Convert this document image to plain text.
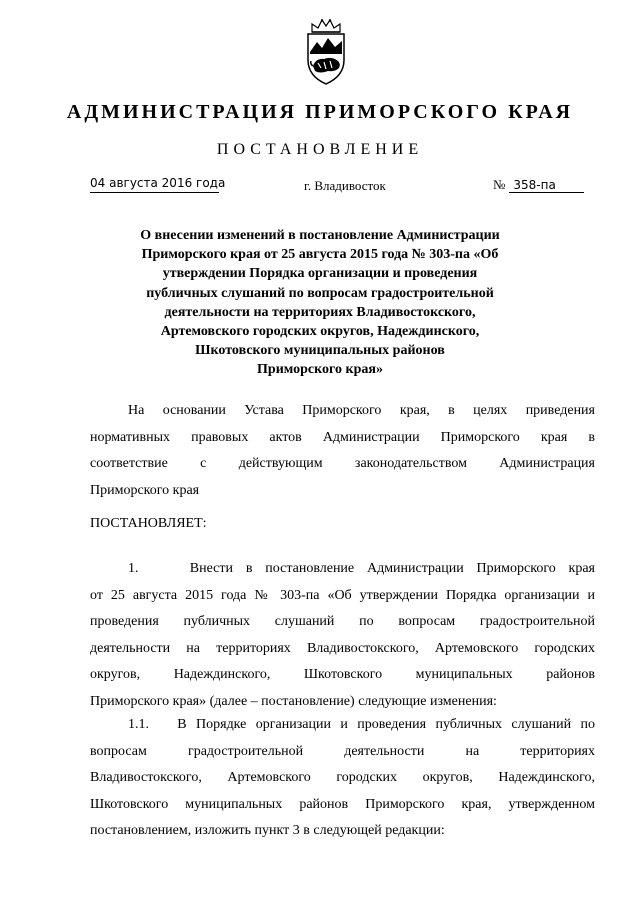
АДМИНИСТРАЦИЯ ПРИМОРСКОГО КРАЯ
ПОСТАНОВЛЕНИЕ
04 августа 2016 года	г. Владивосток	№ 358-па
О внесении изменений в постановление Администрации
Приморского края от 25 августа 2015 года № 303-па «Об
утверждении Порядка организации и проведения
публичных слушаний по вопросам градостроительной
деятельности на территориях Владивостокского,
Артемовского городских округов, Надеждинского,
Шкотовского муниципальных районов
Приморского края»
На основании Устава Приморского края, в целях приведения
нормативных правовых актов Администрации Приморского края в
соответствие с действующим законодательством Администрация
Приморского края
ПОСТАНОВЛЯЕТ:
1.    Внести в постановление Администрации Приморского края
от 25 августа 2015 года № 303-па «Об утверждении Порядка организации и
проведения публичных слушаний по вопросам градостроительной
деятельности на территориях Владивостокского, Артемовского городских
округов, Надеждинского, Шкотовского муниципальных районов
Приморского края» (далее – постановление) следующие изменения:
1.1.   В Порядке организации и проведения публичных слушаний по
вопросам градостроительной деятельности на территориях
Владивостокского, Артемовского городских округов, Надеждинского,
Шкотовского муниципальных районов Приморского края, утвержденном
постановлением, изложить пункт 3 в следующей редакции:
